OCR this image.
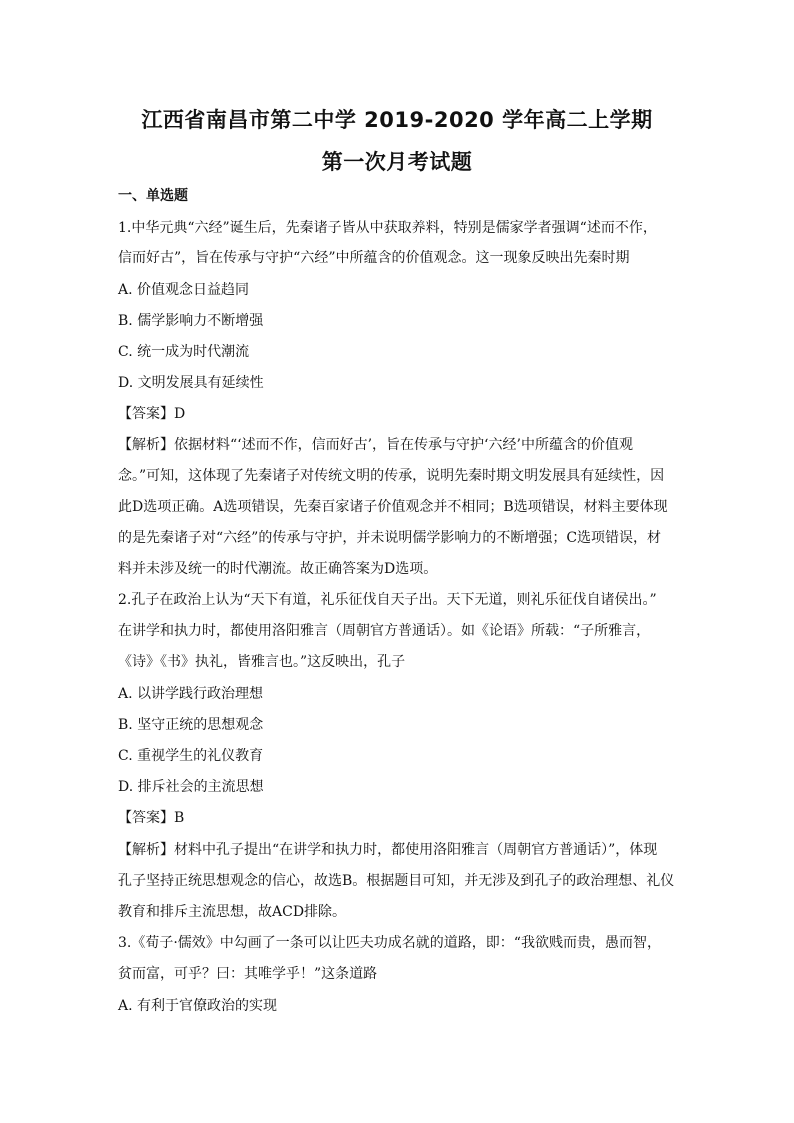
江西省南昌市第二中学 2019-2020 学年高二上学期
第一次月考试题
一、单选题
1.中华元典“六经”诞生后，先秦诸子皆从中获取养料，特别是儒家学者强调“述而不作，
信而好古”，旨在传承与守护“六经”中所蕴含的价值观念。这一现象反映出先秦时期
A. 价值观念日益趋同
B. 儒学影响力不断增强
C. 统一成为时代潮流
D. 文明发展具有延续性
【答案】D
【解析】依据材料“‘述而不作，信而好古’，旨在传承与守护‘六经’中所蕴含的价值观
念。”可知，这体现了先秦诸子对传统文明的传承，说明先秦时期文明发展具有延续性，因
此D选项正确。A选项错误，先秦百家诸子价值观念并不相同；B选项错误，材料主要体现
的是先秦诸子对“六经”的传承与守护，并未说明儒学影响力的不断增强；C选项错误，材
料并未涉及统一的时代潮流。故正确答案为D选项。
2.孔子在政治上认为“天下有道，礼乐征伐自天子出。天下无道，则礼乐征伐自诸侯出。”
在讲学和执力时，都使用洛阳雅言（周朝官方普通话）。如《论语》所载：“子所雅言，
《诗》《书》执礼，皆雅言也。”这反映出，孔子
A. 以讲学践行政治理想
B. 坚守正统的思想观念
C. 重视学生的礼仪教育
D. 排斥社会的主流思想
【答案】B
【解析】材料中孔子提出“在讲学和执力时，都使用洛阳雅言（周朝官方普通话）”，体现
孔子坚持正统思想观念的信心，故选B。根据题目可知，并无涉及到孔子的政治理想、礼仪
教育和排斥主流思想，故ACD排除。
3.《荀子·儒效》中勾画了一条可以让匹夫功成名就的道路，即：“我欲贱而贵，愚而智，
贫而富，可乎？曰：其唯学乎！”这条道路
A. 有利于官僚政治的实现
